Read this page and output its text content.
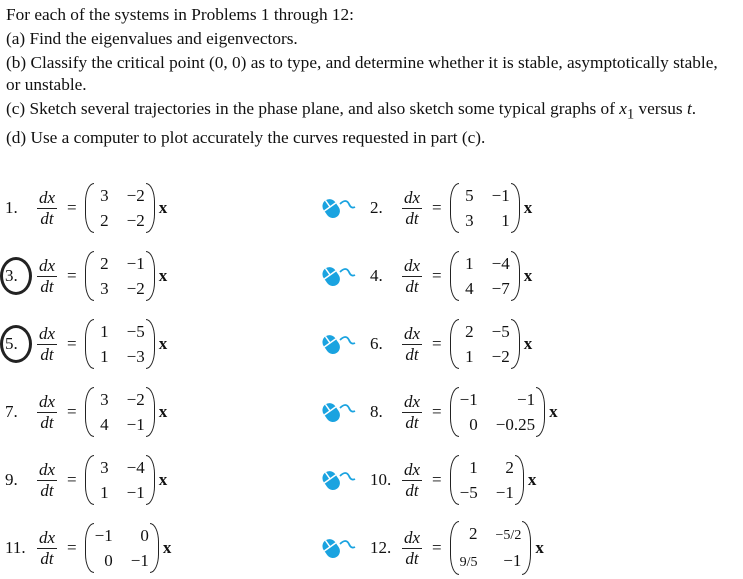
For each of the systems in Problems 1 through 12:

(a) Find the eigenvalues and eigenvectors.

(b) Classify the critical point (0, 0) as to type, and determine whether it is stable, asymptotically stable, or unstable.

(c) Sketch several trajectories in the phase plane, and also sketch some typical graphs of $x_1$ versus t.

(d) Use a computer to plot accurately the curves requested in part (c).

1.	$\frac{dx}{dt}$ =
3 −2
2 −2
x	2.	$\frac{dx}{dt}$ =
5 −1
3	1
x
3.	$\frac{dx}{dt}$ =
2 −1
3 −2
x	4.	$\frac{dx}{dt}$ =
1 −4
4 −7
x
5.	$\frac{dx}{dt}$ =
1 −5
1 −3
x	6.	$\frac{dx}{dt}$ =
2 −5
1 −2
x
7.	$\frac{dx}{dt}$ =
3 −2
4 −1
x	8.	$\frac{dx}{dt}$ =
−1	−1
0 −0.25
x
9.	$\frac{dx}{dt}$ =
3 −4
1 −1
x	10. $\frac{dx}{dt}$ =
1	2
−5 −1
x
11. $\frac{dx}{dt}$ =
−1	0
0 −1
x	12. $\frac{dx}{dt}$ =
2 −5/2
9/5	−1
x
